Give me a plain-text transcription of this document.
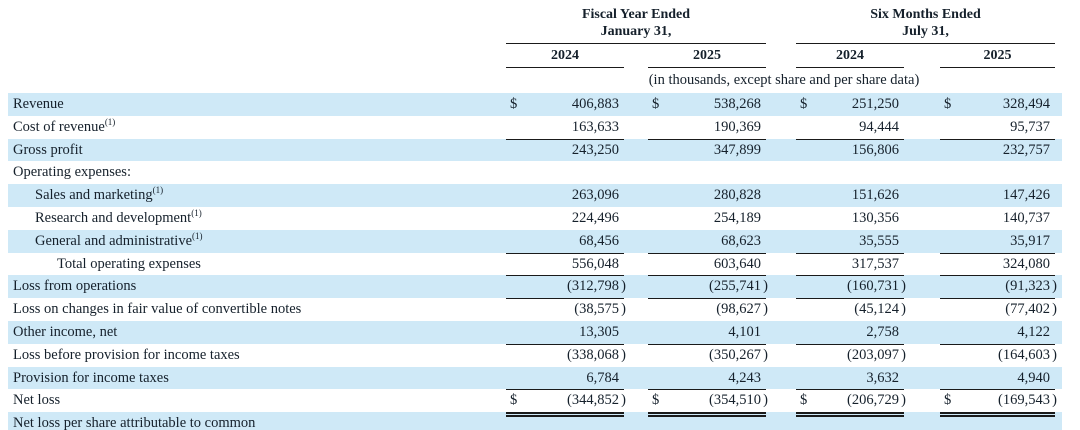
Fiscal Year Ended
January 31,
Six Months Ended
July 31,
2024	2025	2024	2025
(in thousands, except share and per share data)
Revenue	$	406,883 $	538,268	$	251,250	$	328,494
Cost of revenue$^{(1)}$	163,633	190,369	94,444	95,737
Gross profit	243,250	347,899	156,806	232,757
Operating expenses:
Sales and marketing$^{(1)}$	263,096	280,828	151,626	147,426
Research and development$^{(1)}$	224,496	254,189	130,356	140,737
General and administrative$^{(1)}$	68,456	68,623	35,555	35,917
Total operating expenses	556,048	603,640	317,537	324,080
Loss from operations	(312,798 )	(255,741 )	(160,731 )	(91,323 )
Loss on changes in fair value of convertible notes	(38,575 )	(98,627 )	(45,124 )	(77,402 )
Other income, net	13,305	4,101	2,758	4,122
Loss before provision for income taxes	(338,068 )	(350,267 )	(203,097 )	(164,603 )
Provision for income taxes	6,784	4,243	3,632	4,940
Net loss	$	(344,852 ) $	(354,510 ) $	(206,729 )	$	(169,543 )
Net loss per share attributable to common
